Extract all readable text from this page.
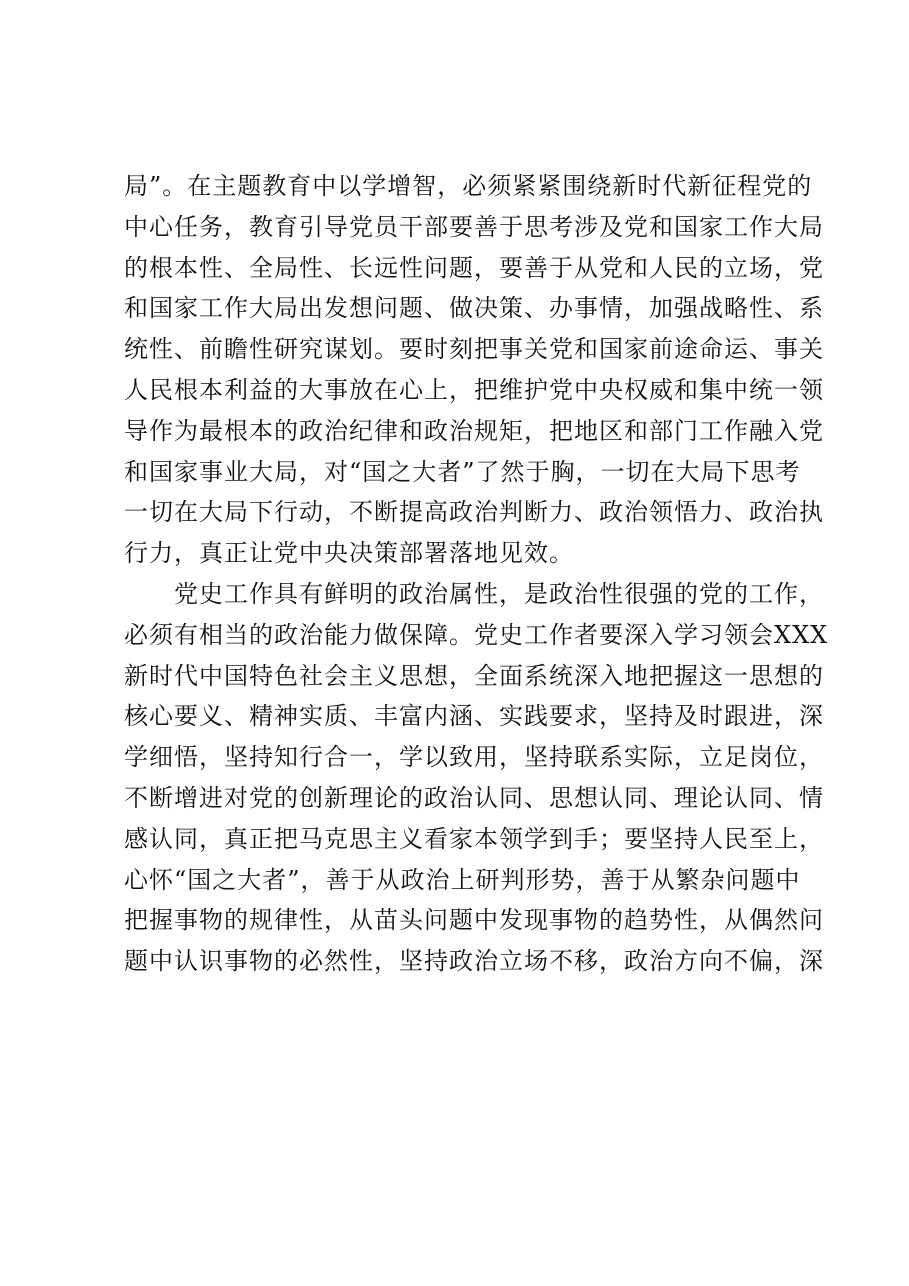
局”。在主题教育中以学增智，必须紧紧围绕新时代新征程党的
中心任务，教育引导党员干部要善于思考涉及党和国家工作大局
的根本性、全局性、长远性问题，要善于从党和人民的立场，党
和国家工作大局出发想问题、做决策、办事情，加强战略性、系
统性、前瞻性研究谋划。要时刻把事关党和国家前途命运、事关
人民根本利益的大事放在心上，把维护党中央权威和集中统一领
导作为最根本的政治纪律和政治规矩，把地区和部门工作融入党
和国家事业大局，对“国之大者”了然于胸，一切在大局下思考
一切在大局下行动，不断提高政治判断力、政治领悟力、政治执
行力，真正让党中央决策部署落地见效。
党史工作具有鲜明的政治属性，是政治性很强的党的工作，
必须有相当的政治能力做保障。党史工作者要深入学习领会XXX
新时代中国特色社会主义思想，全面系统深入地把握这一思想的
核心要义、精神实质、丰富内涵、实践要求，坚持及时跟进，深
学细悟，坚持知行合一，学以致用，坚持联系实际，立足岗位，
不断增进对党的创新理论的政治认同、思想认同、理论认同、情
感认同，真正把马克思主义看家本领学到手；要坚持人民至上，
心怀“国之大者”，善于从政治上研判形势，善于从繁杂问题中
把握事物的规律性，从苗头问题中发现事物的趋势性，从偶然问
题中认识事物的必然性，坚持政治立场不移，政治方向不偏，深
